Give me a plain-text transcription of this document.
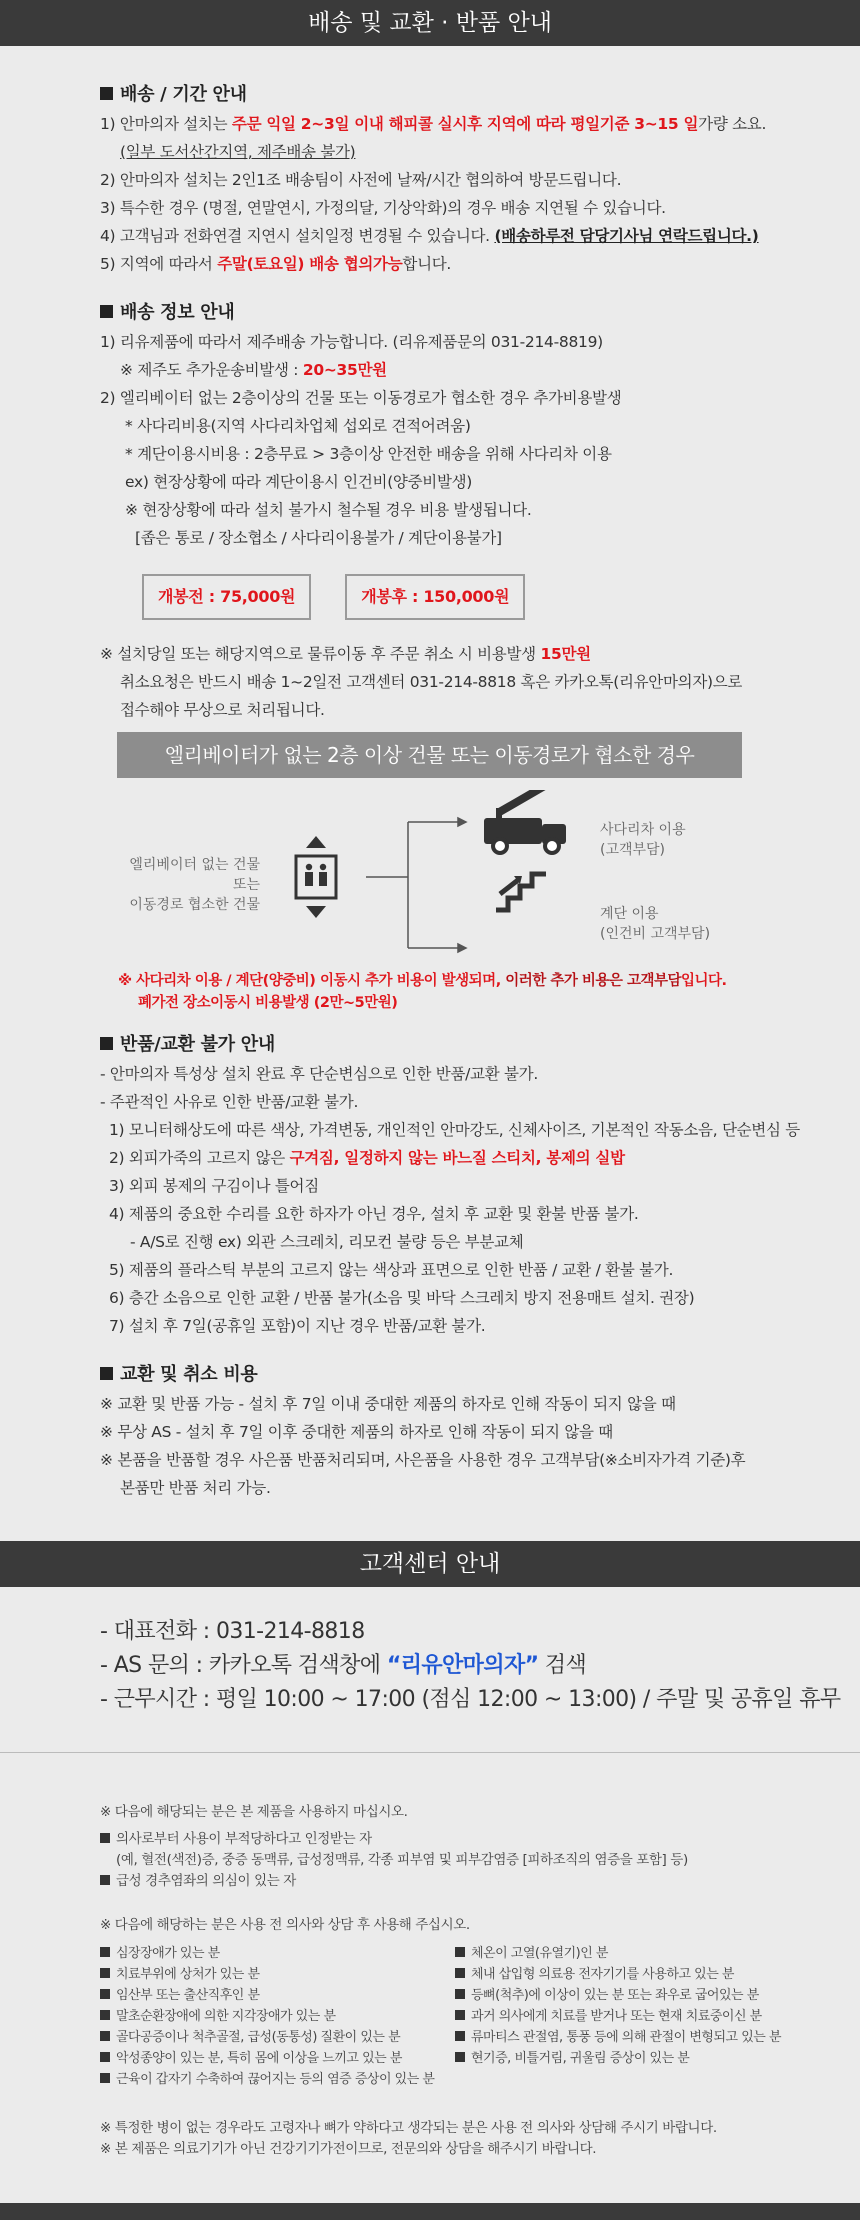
배송 및 교환 · 반품 안내
배송 / 기간 안내
1) 안마의자 설치는 주문 익일 2~3일 이내 해피콜 실시후 지역에 따라 평일기준 3~15 일가량 소요.
(일부 도서산간지역, 제주배송 불가)
2) 안마의자 설치는 2인1조 배송팀이 사전에 날짜/시간 협의하여 방문드립니다.
3) 특수한 경우 (명절, 연말연시, 가정의달, 기상악화)의 경우 배송 지연될 수 있습니다.
4) 고객님과 전화연결 지연시 설치일정 변경될 수 있습니다. (배송하루전 담당기사님 연락드립니다.)
5) 지역에 따라서 주말(토요일) 배송 협의가능합니다.
배송 정보 안내
1) 리유제품에 따라서 제주배송 가능합니다. (리유제품문의 031-214-8819)
※ 제주도 추가운송비발생 : 20~35만원
2) 엘리베이터 없는 2층이상의 건물 또는 이동경로가 협소한 경우 추가비용발생
* 사다리비용(지역 사다리차업체 섭외로 견적어려움)
* 계단이용시비용 : 2층무료 > 3층이상 안전한 배송을 위해 사다리차 이용
ex) 현장상황에 따라 계단이용시 인건비(양중비발생)
※ 현장상황에 따라 설치 불가시 철수될 경우 비용 발생됩니다.
[좁은 통로 / 장소협소 / 사다리이용불가 / 계단이용불가]
개봉전 : 75,000원	개봉후 : 150,000원
※ 설치당일 또는 해당지역으로 물류이동 후 주문 취소 시 비용발생 15만원
취소요청은 반드시 배송 1~2일전 고객센터 031-214-8818 혹은 카카오톡(리유안마의자)으로
접수해야 무상으로 처리됩니다.
엘리베이터가 없는 2층 이상 건물 또는 이동경로가 협소한 경우
엘리베이터 없는 건물
또는
이동경로 협소한 건물
사다리차 이용
(고객부담)
계단 이용
(인건비 고객부담)
※ 사다리차 이용 / 계단(양중비) 이동시 추가 비용이 발생되며, 이러한 추가 비용은 고객부담입니다.
폐가전 장소이동시 비용발생 (2만~5만원)
반품/교환 불가 안내
- 안마의자 특성상 설치 완료 후 단순변심으로 인한 반품/교환 불가.
- 주관적인 사유로 인한 반품/교환 불가.
1) 모니터해상도에 따른 색상, 가격변동, 개인적인 안마강도, 신체사이즈, 기본적인 작동소음, 단순변심 등
2) 외피가죽의 고르지 않은 구겨짐, 일정하지 않는 바느질 스티치, 봉제의 실밥
3) 외피 봉제의 구김이나 틀어짐
4) 제품의 중요한 수리를 요한 하자가 아닌 경우, 설치 후 교환 및 환불 반품 불가.
- A/S로 진행 ex) 외관 스크레치, 리모컨 불량 등은 부분교체
5) 제품의 플라스틱 부분의 고르지 않는 색상과 표면으로 인한 반품 / 교환 / 환불 불가.
6) 층간 소음으로 인한 교환 / 반품 불가(소음 및 바닥 스크레치 방지 전용매트 설치. 권장)
7) 설치 후 7일(공휴일 포함)이 지난 경우 반품/교환 불가.
교환 및 취소 비용
※ 교환 및 반품 가능 - 설치 후 7일 이내 중대한 제품의 하자로 인해 작동이 되지 않을 때
※ 무상 AS - 설치 후 7일 이후 중대한 제품의 하자로 인해 작동이 되지 않을 때
※ 본품을 반품할 경우 사은품 반품처리되며, 사은품을 사용한 경우 고객부담(※소비자가격 기준)후
본품만 반품 처리 가능.
고객센터 안내
- 대표전화 : 031-214-8818
- AS 문의 : 카카오톡 검색창에 “리유안마의자” 검색
- 근무시간 : 평일 10:00 ~ 17:00 (점심 12:00 ~ 13:00) / 주말 및 공휴일 휴무
※ 다음에 해당되는 분은 본 제품을 사용하지 마십시오.
의사로부터 사용이 부적당하다고 인정받는 자
(예, 혈전(색전)증, 중증 동맥류, 급성정맥류, 각종 피부염 및 피부감염증 [피하조직의 염증을 포함] 등)
급성 경추염좌의 의심이 있는 자
※ 다음에 해당하는 분은 사용 전 의사와 상담 후 사용해 주십시오.
심장장애가 있는 분
치료부위에 상처가 있는 분
임산부 또는 출산직후인 분
말초순환장애에 의한 지각장애가 있는 분
골다공증이나 척추골절, 급성(동통성) 질환이 있는 분
악성종양이 있는 분, 특히 몸에 이상을 느끼고 있는 분
근육이 갑자기 수축하여 끊어지는 등의 염증 증상이 있는 분
체온이 고열(유열기)인 분
체내 삽입형 의료용 전자기기를 사용하고 있는 분
등뼈(척추)에 이상이 있는 분 또는 좌우로 굽어있는 분
과거 의사에게 치료를 받거나 또는 현재 치료중이신 분
류마티스 관절염, 통풍 등에 의해 관절이 변형되고 있는 분
현기증, 비틀거림, 귀울림 증상이 있는 분
※ 특정한 병이 없는 경우라도 고령자나 뼈가 약하다고 생각되는 분은 사용 전 의사와 상담해 주시기 바랍니다.
※ 본 제품은 의료기기가 아닌 건강기기가전이므로, 전문의와 상담을 해주시기 바랍니다.
